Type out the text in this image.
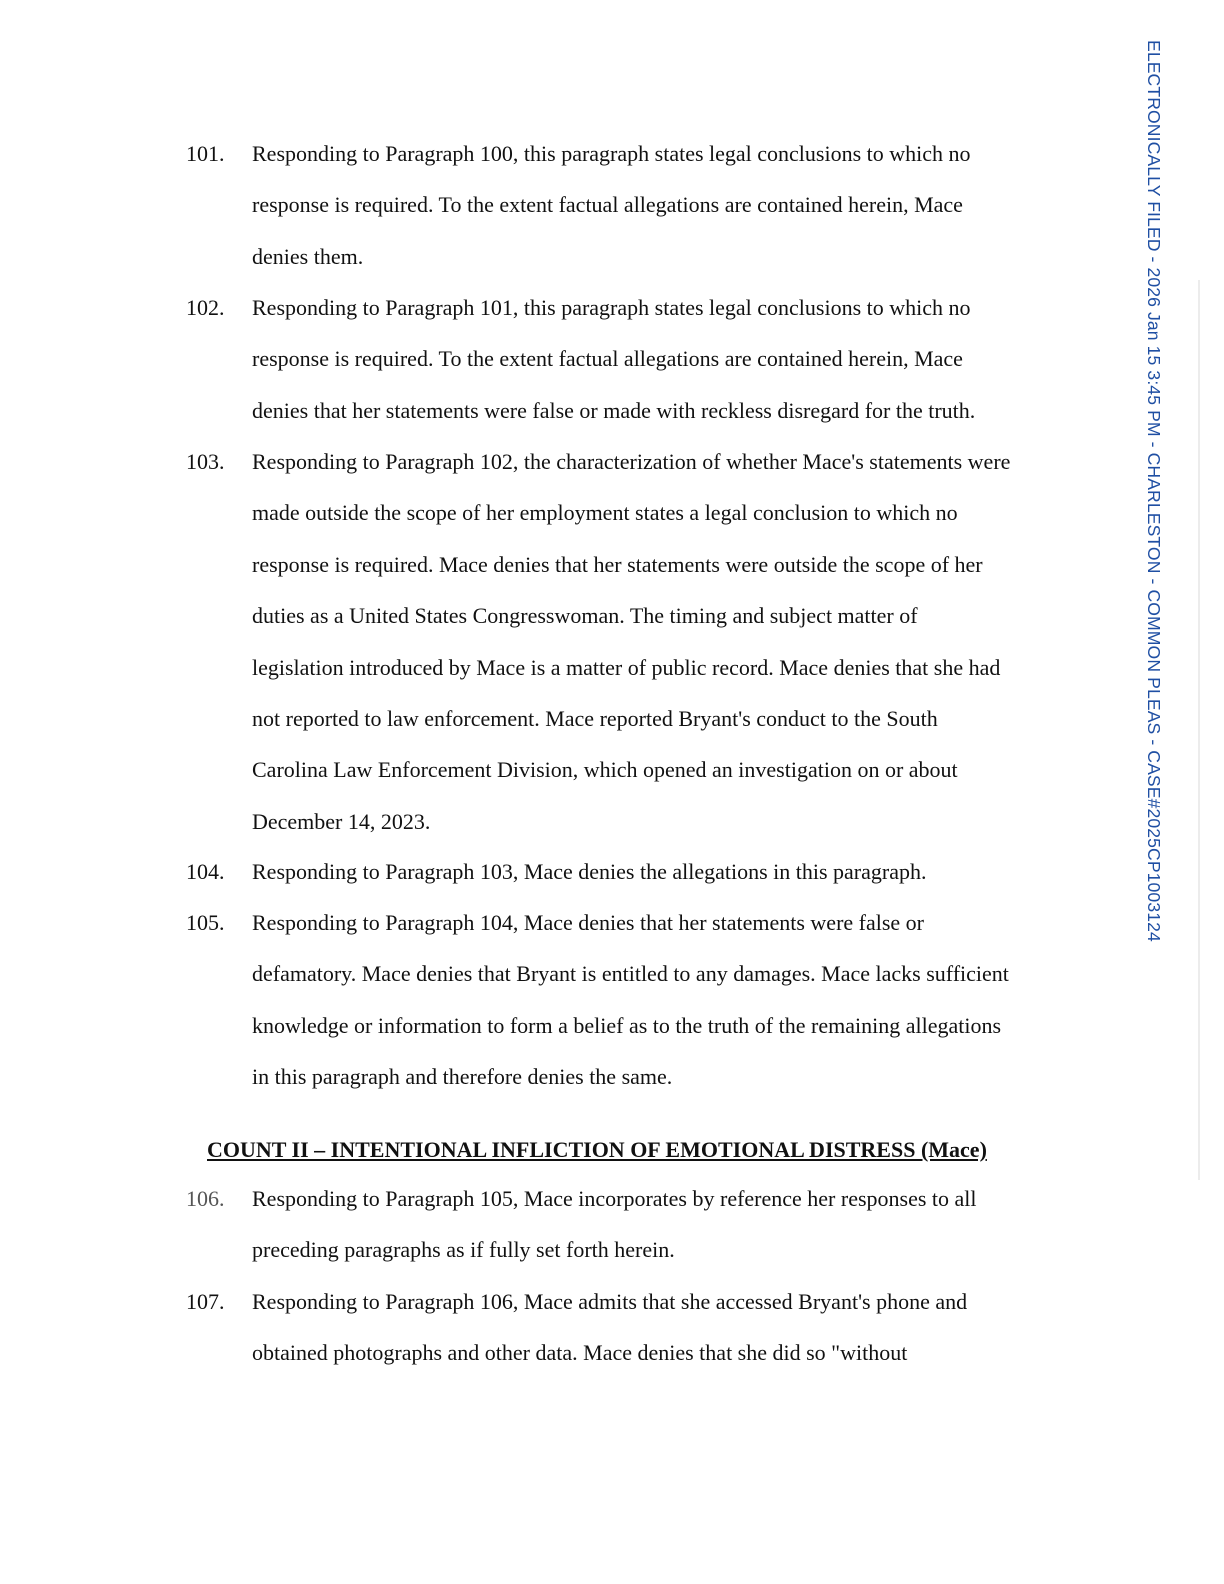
101. Responding to Paragraph 100, this paragraph states legal conclusions to which no
response is required. To the extent factual allegations are contained herein, Mace
denies them.
102. Responding to Paragraph 101, this paragraph states legal conclusions to which no
response is required. To the extent factual allegations are contained herein, Mace
denies that her statements were false or made with reckless disregard for the truth.
103. Responding to Paragraph 102, the characterization of whether Mace's statements were
made outside the scope of her employment states a legal conclusion to which no
response is required. Mace denies that her statements were outside the scope of her
duties as a United States Congresswoman. The timing and subject matter of
legislation introduced by Mace is a matter of public record. Mace denies that she had
not reported to law enforcement. Mace reported Bryant's conduct to the South
Carolina Law Enforcement Division, which opened an investigation on or about
December 14, 2023.
104. Responding to Paragraph 103, Mace denies the allegations in this paragraph.
105. Responding to Paragraph 104, Mace denies that her statements were false or
defamatory. Mace denies that Bryant is entitled to any damages. Mace lacks sufficient
knowledge or information to form a belief as to the truth of the remaining allegations
in this paragraph and therefore denies the same.
COUNT II – INTENTIONAL INFLICTION OF EMOTIONAL DISTRESS (Mace)
106. Responding to Paragraph 105, Mace incorporates by reference her responses to all
preceding paragraphs as if fully set forth herein.
107. Responding to Paragraph 106, Mace admits that she accessed Bryant's phone and
obtained photographs and other data. Mace denies that she did so "without
ELECTRONICALLY FILED - 2026 Jan 15 3:45 PM - CHARLESTON - COMMON PLEAS - CASE#2025CP1003124
